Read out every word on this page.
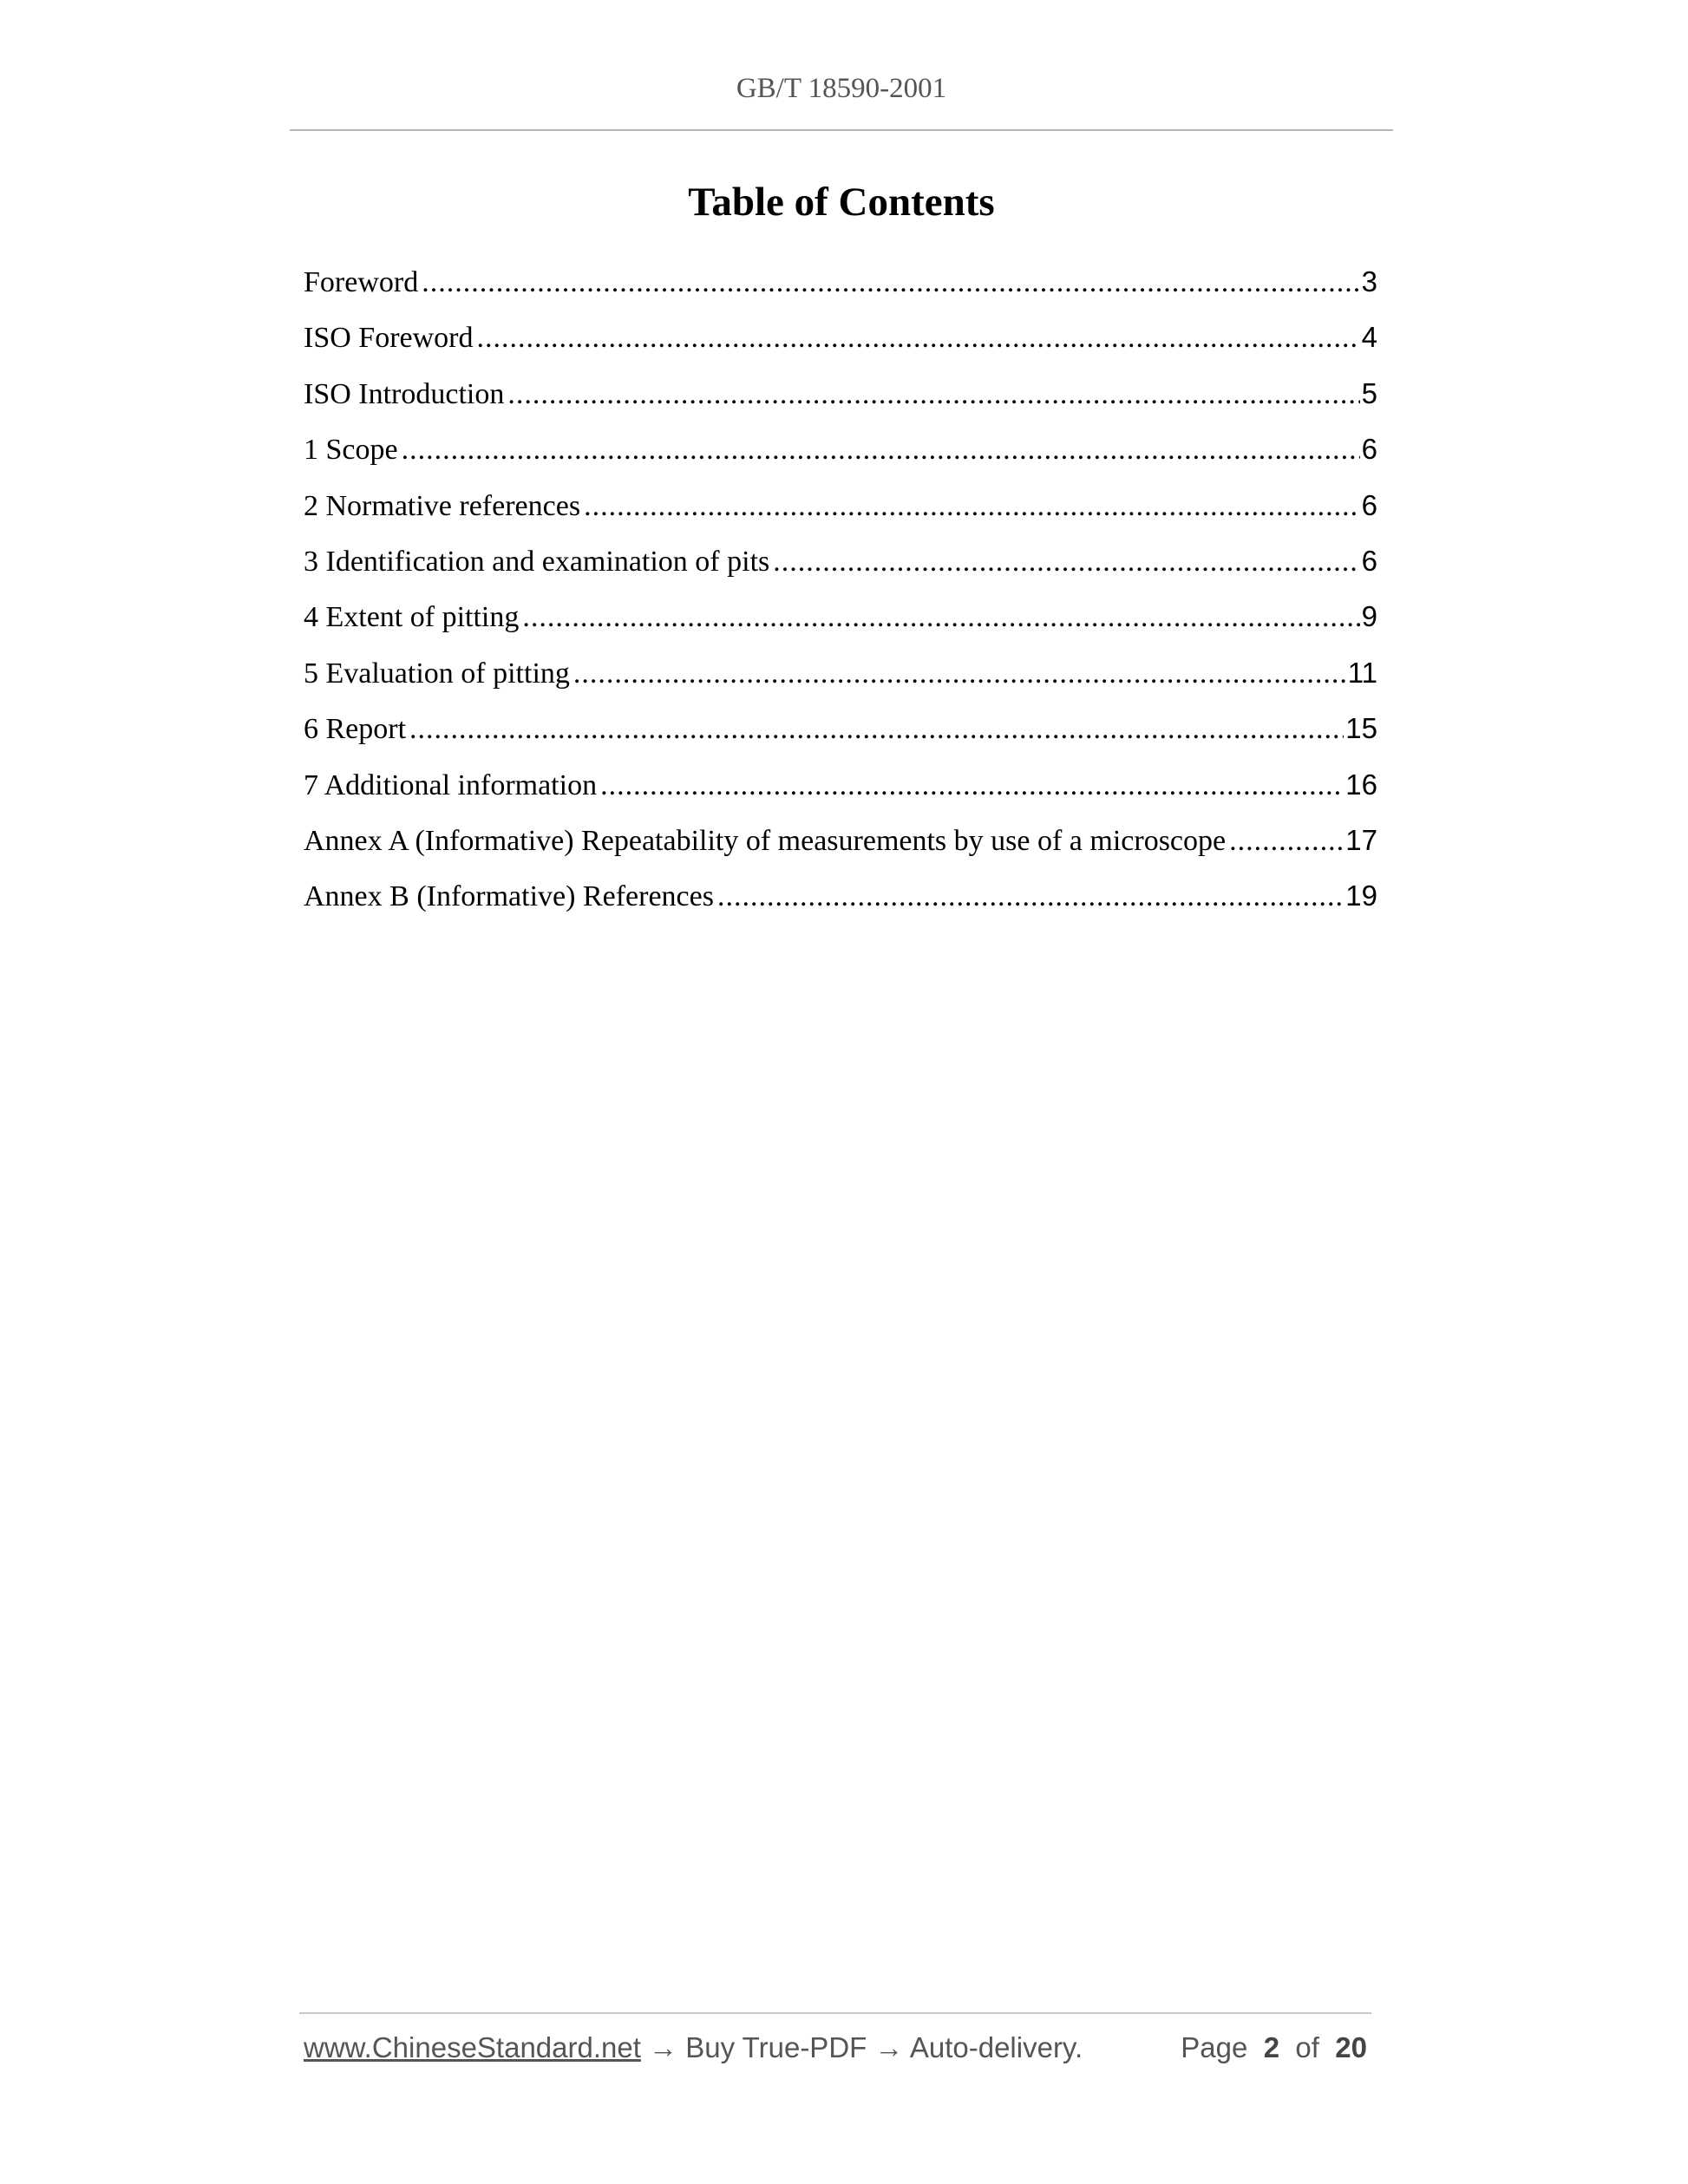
GB/T 18590-2001
Table of Contents
Foreword .....	3
ISO Foreword .....	4
ISO Introduction .....	5
1 Scope .....	6
2 Normative references .....	6
3 Identification and examination of pits .....	6
4 Extent of pitting .....	9
5 Evaluation of pitting .....	11
6 Report .....	15
7 Additional information .....	16
Annex A (Informative) Repeatability of measurements by use of a microscope .....	17
Annex B (Informative) References .....	19
www.ChineseStandard.net → Buy True-PDF → Auto-delivery.	Page 2 of 20
